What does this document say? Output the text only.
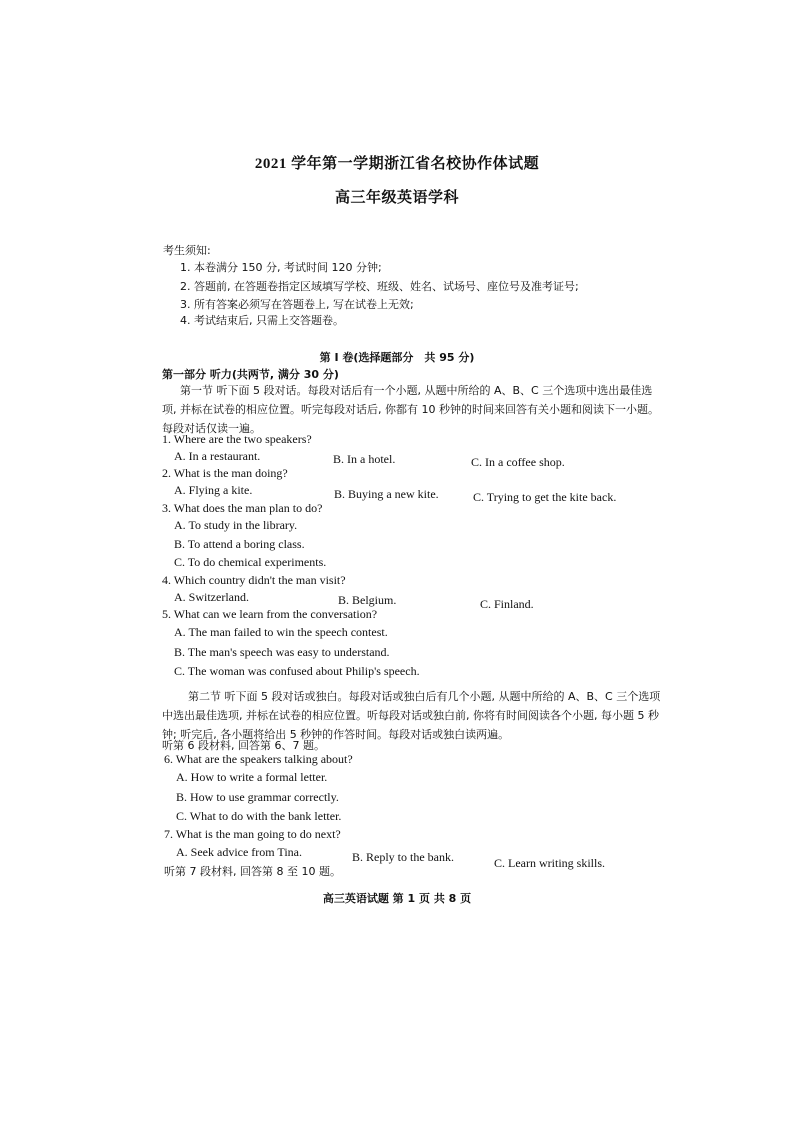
2021 学年第一学期浙江省名校协作体试题
高三年级英语学科
考生须知:
1. 本卷满分 150 分, 考试时间 120 分钟;
2. 答题前, 在答题卷指定区域填写学校、班级、姓名、试场号、座位号及准考证号;
3. 所有答案必须写在答题卷上, 写在试卷上无效;
4. 考试结束后, 只需上交答题卷。
第 I 卷(选择题部分　共 95 分)
第一部分 听力(共两节, 满分 30 分)
第一节 听下面 5 段对话。每段对话后有一个小题, 从题中所给的 A、B、C 三个选项中选出最佳选项, 并标在试卷的相应位置。听完每段对话后, 你都有 10 秒钟的时间来回答有关小题和阅读下一小题。每段对话仅读一遍。
1. Where are the two speakers?
A. In a restaurant.	B. In a hotel.	C. In a coffee shop.
2. What is the man doing?
A. Flying a kite.	B. Buying a new kite.	C. Trying to get the kite back.
3. What does the man plan to do?
A. To study in the library.
B. To attend a boring class.
C. To do chemical experiments.
4. Which country didn't the man visit?
A. Switzerland.	B. Belgium.	C. Finland.
5. What can we learn from the conversation?
A. The man failed to win the speech contest.
B. The man's speech was easy to understand.
C. The woman was confused about Philip's speech.
第二节 听下面 5 段对话或独白。每段对话或独白后有几个小题, 从题中所给的 A、B、C 三个选项中选出最佳选项, 并标在试卷的相应位置。听每段对话或独白前, 你将有时间阅读各个小题, 每小题 5 秒钟; 听完后, 各小题将给出 5 秒钟的作答时间。每段对话或独白读两遍。
听第 6 段材料, 回答第 6、7 题。
6. What are the speakers talking about?
A. How to write a formal letter.
B. How to use grammar correctly.
C. What to do with the bank letter.
7. What is the man going to do next?
A. Seek advice from Tina.	B. Reply to the bank.	C. Learn writing skills.
听第 7 段材料, 回答第 8 至 10 题。
高三英语试题 第 1 页 共 8 页
